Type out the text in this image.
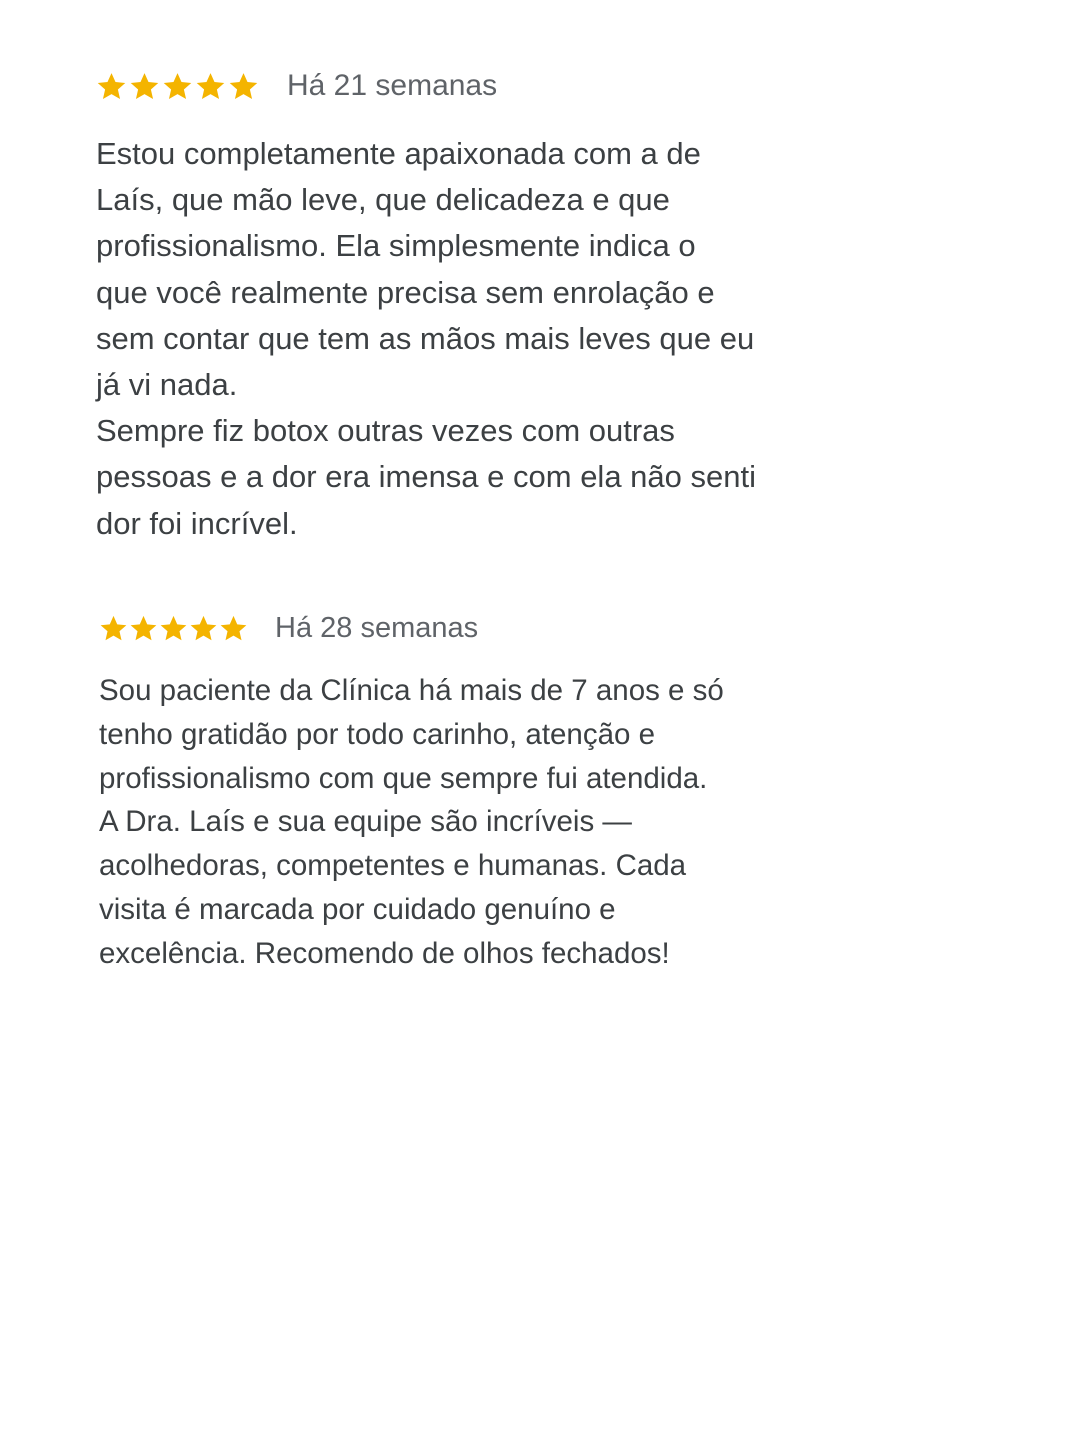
Há 21 semanas

Estou completamente apaixonada com a de
Laís, que mão leve, que delicadeza e que
profissionalismo. Ela simplesmente indica o
que você realmente precisa sem enrolação e
sem contar que tem as mãos mais leves que eu
já vi nada.
Sempre fiz botox outras vezes com outras
pessoas e a dor era imensa e com ela não senti
dor foi incrível.

Há 28 semanas

Sou paciente da Clínica há mais de 7 anos e só
tenho gratidão por todo carinho, atenção e
profissionalismo com que sempre fui atendida.
A Dra. Laís e sua equipe são incríveis —
acolhedoras, competentes e humanas. Cada
visita é marcada por cuidado genuíno e
excelência. Recomendo de olhos fechados!
